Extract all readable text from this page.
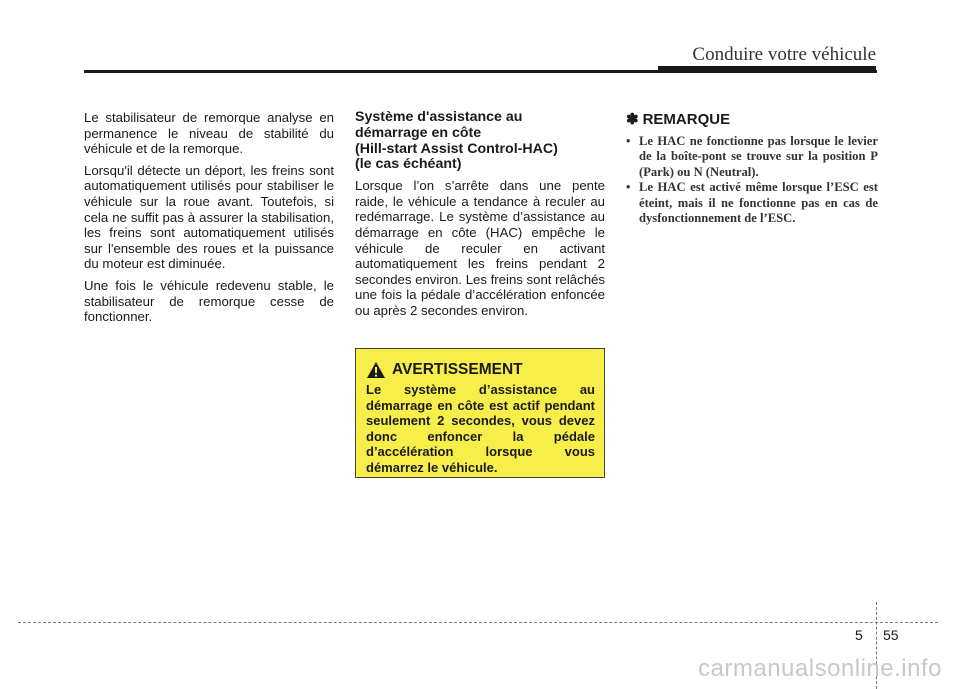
Conduire votre véhicule

Le stabilisateur de remorque analyse en permanence le niveau de stabilité du véhicule et de la remorque.

Lorsqu'il détecte un déport, les freins sont automatiquement utilisés pour stabiliser le véhicule sur la roue avant. Toutefois, si cela ne suffit pas à assurer la stabilisation, les freins sont automatiquement utilisés sur l'ensemble des roues et la puissance du moteur est diminuée.

Une fois le véhicule redevenu stable, le stabilisateur de remorque cesse de fonctionner.

Système d'assistance au
démarrage en côte
(Hill-start Assist Control-HAC)
(le cas échéant)

Lorsque l’on s’arrête dans une pente raide, le véhicule a tendance à reculer au redémarrage. Le système d’assistance au démarrage en côte (HAC) empêche le véhicule de reculer en activant automatiquement les freins pendant 2 secondes environ. Les freins sont relâchés une fois la pédale d’accélération enfoncée ou après 2 secondes environ.

AVERTISSEMENT
Le système d’assistance au démarrage en côte est actif pendant seulement 2 secondes, vous devez donc enfoncer la pédale d’accélération lorsque vous démarrez le véhicule.
✽ REMARQUE
• Le HAC ne fonctionne pas lorsque le levier de la boîte-pont se trouve sur la position P (Park) ou N (Neutral).
• Le HAC est activé même lorsque l’ESC est éteint, mais il ne fonctionne pas en cas de dysfonctionnement de l’ESC.
5 55
carmanualsonline.info
